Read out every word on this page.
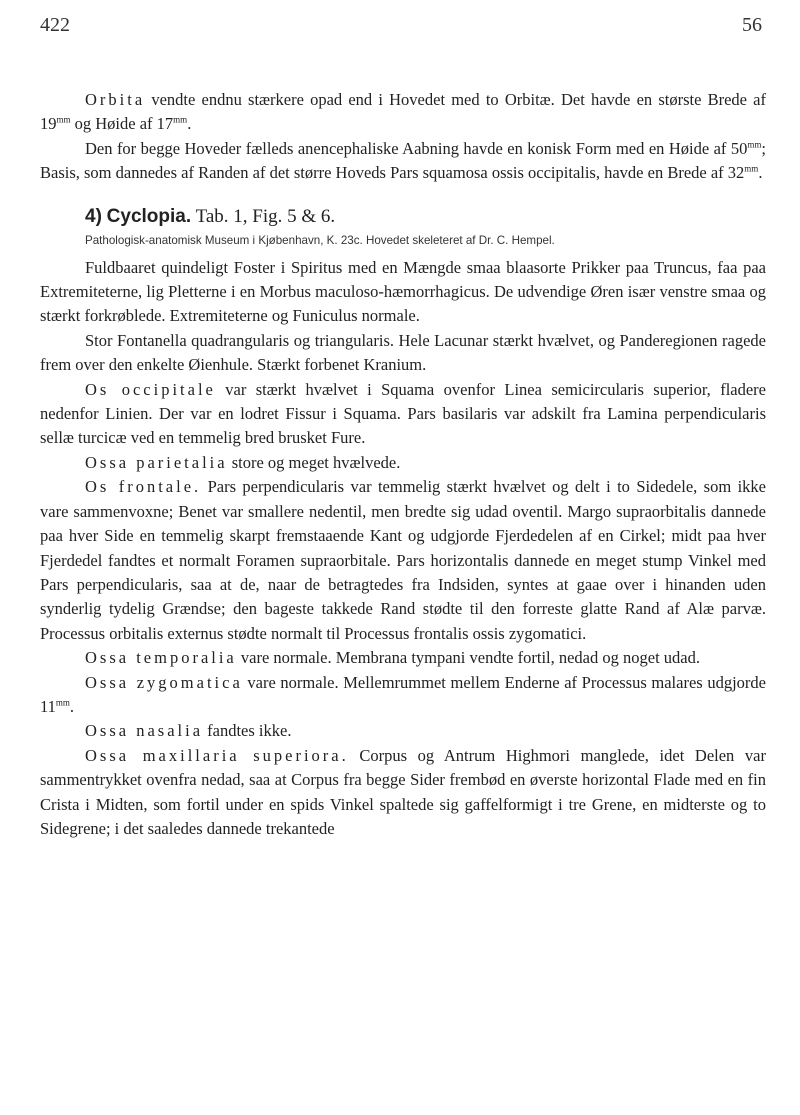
422	56

Orbita vendte endnu stærkere opad end i Hovedet med to Orbitæ. Det havde en største Brede af $19^{mm}$ og Høide af $17^{mm}$.

Den for begge Hoveder fælleds anencephaliske Aabning havde en konisk Form med en Høide af $50^{mm}$; Basis, som dannedes af Randen af det større Hoveds Pars squamosa ossis occipitalis, havde en Brede af $32^{mm}$.

4) Cyclopia. Tab. 1, Fig. 5 & 6.

Pathologisk-anatomisk Museum i Kjøbenhavn, K. 23c. Hovedet skeleteret af Dr. C. Hempel.

Fuldbaaret quindeligt Foster i Spiritus med en Mængde smaa blaasorte Prikker paa Truncus, faa paa Extremiteterne, lig Pletterne i en Morbus maculoso-hæmorrhagicus. De udvendige Øren især venstre smaa og stærkt forkrøblede. Extremiteterne og Funiculus normale.

Stor Fontanella quadrangularis og triangularis. Hele Lacunar stærkt hvælvet, og Panderegionen ragede frem over den enkelte Øienhule. Stærkt forbenet Kranium.

Os occipitale var stærkt hvælvet i Squama ovenfor Linea semicircularis superior, fladere nedenfor Linien. Der var en lodret Fissur i Squama. Pars basilaris var adskilt fra Lamina perpendicularis sellæ turcicæ ved en temmelig bred brusket Fure.

Ossa parietalia store og meget hvælvede.

Os frontale. Pars perpendicularis var temmelig stærkt hvælvet og delt i to Sidedele, som ikke vare sammenvoxne; Benet var smallere nedentil, men bredte sig udad oventil. Margo supraorbitalis dannede paa hver Side en temmelig skarpt fremstaaende Kant og udgjorde Fjerdedelen af en Cirkel; midt paa hver Fjerdedel fandtes et normalt Foramen supraorbitale. Pars horizontalis dannede en meget stump Vinkel med Pars perpendicularis, saa at de, naar de betragtedes fra Indsiden, syntes at gaae over i hinanden uden synderlig tydelig Grændse; den bageste takkede Rand stødte til den forreste glatte Rand af Alæ parvæ. Processus orbitalis externus stødte normalt til Processus frontalis ossis zygomatici.

Ossa temporalia vare normale. Membrana tympani vendte fortil, nedad og noget udad.

Ossa zygomatica vare normale. Mellemrummet mellem Enderne af Processus malares udgjorde $11^{mm}$.

Ossa nasalia fandtes ikke.

Ossa maxillaria superiora. Corpus og Antrum Highmori manglede, idet Delen var sammentrykket ovenfra nedad, saa at Corpus fra begge Sider frembød en øverste horizontal Flade med en fin Crista i Midten, som fortil under en spids Vinkel spaltede sig gaffelformigt i tre Grene, en midterste og to Sidegrene; i det saaledes dannede trekantede
